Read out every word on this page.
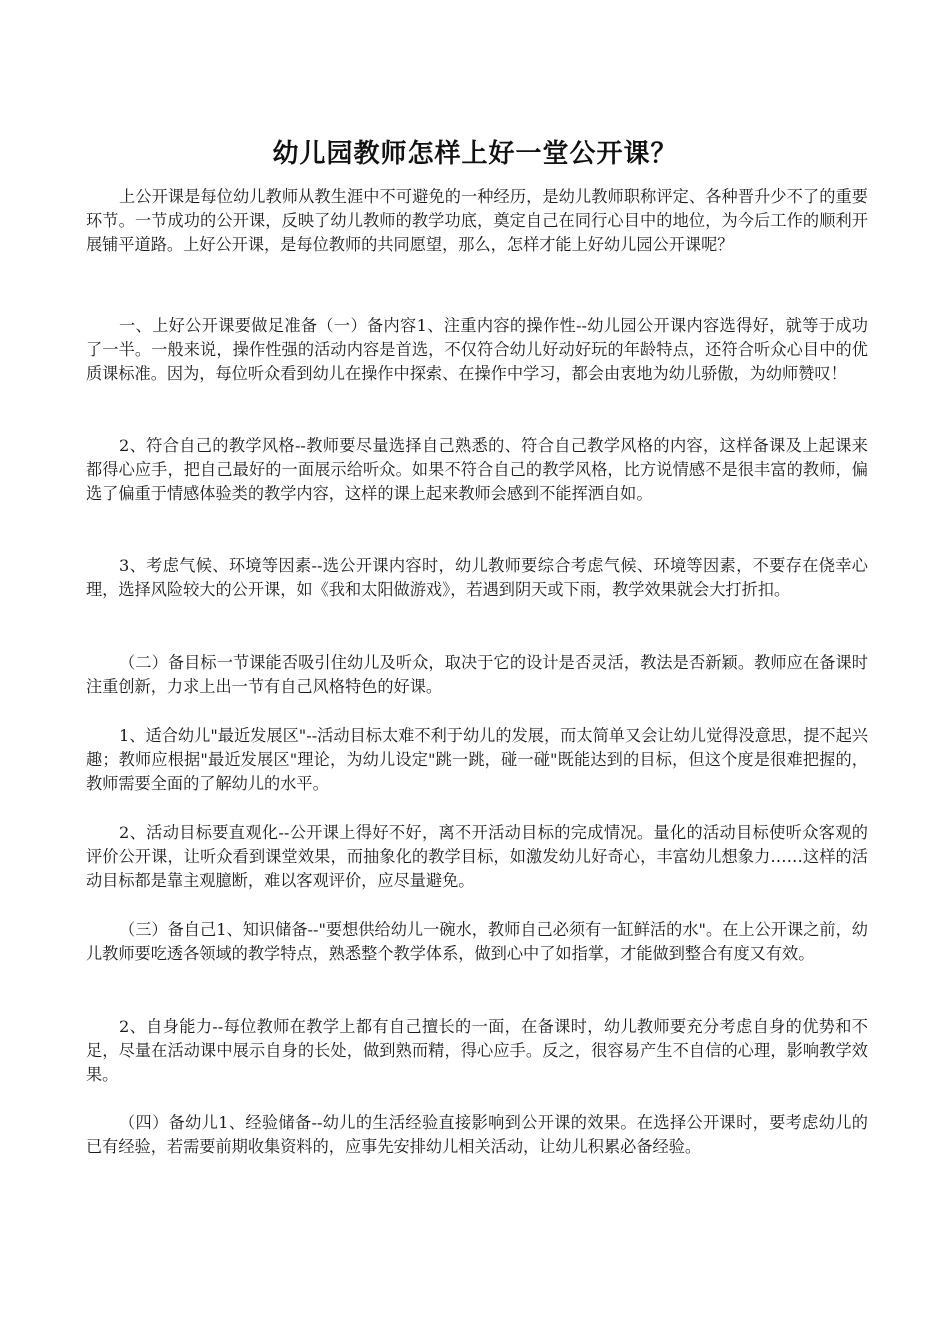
幼儿园教师怎样上好一堂公开课？

上公开课是每位幼儿教师从教生涯中不可避免的一种经历，是幼儿教师职称评定、各种晋升少不了的重要环节。一节成功的公开课，反映了幼儿教师的教学功底，奠定自己在同行心目中的地位，为今后工作的顺利开展铺平道路。上好公开课，是每位教师的共同愿望，那么，怎样才能上好幼儿园公开课呢？

一、上好公开课要做足准备（一）备内容1、注重内容的操作性--幼儿园公开课内容选得好，就等于成功了一半。一般来说，操作性强的活动内容是首选，不仅符合幼儿好动好玩的年龄特点，还符合听众心目中的优质课标准。因为，每位听众看到幼儿在操作中探索、在操作中学习，都会由衷地为幼儿骄傲，为幼师赞叹！

2、符合自己的教学风格--教师要尽量选择自己熟悉的、符合自己教学风格的内容，这样备课及上起课来都得心应手，把自己最好的一面展示给听众。如果不符合自己的教学风格，比方说情感不是很丰富的教师，偏选了偏重于情感体验类的教学内容，这样的课上起来教师会感到不能挥洒自如。

3、考虑气候、环境等因素--选公开课内容时，幼儿教师要综合考虑气候、环境等因素，不要存在侥幸心理，选择风险较大的公开课，如《我和太阳做游戏》，若遇到阴天或下雨，教学效果就会大打折扣。

（二）备目标一节课能否吸引住幼儿及听众，取决于它的设计是否灵活，教法是否新颖。教师应在备课时注重创新，力求上出一节有自己风格特色的好课。

1、适合幼儿"最近发展区"--活动目标太难不利于幼儿的发展，而太简单又会让幼儿觉得没意思，提不起兴趣；教师应根据"最近发展区"理论，为幼儿设定"跳一跳，碰一碰"既能达到的目标，但这个度是很难把握的，教师需要全面的了解幼儿的水平。

2、活动目标要直观化--公开课上得好不好，离不开活动目标的完成情况。量化的活动目标使听众客观的评价公开课，让听众看到课堂效果，而抽象化的教学目标，如激发幼儿好奇心，丰富幼儿想象力……这样的活动目标都是靠主观臆断，难以客观评价，应尽量避免。

（三）备自己1、知识储备--"要想供给幼儿一碗水，教师自己必须有一缸鲜活的水"。在上公开课之前，幼儿教师要吃透各领域的教学特点，熟悉整个教学体系，做到心中了如指掌，才能做到整合有度又有效。

2、自身能力--每位教师在教学上都有自己擅长的一面，在备课时，幼儿教师要充分考虑自身的优势和不足，尽量在活动课中展示自身的长处，做到熟而精，得心应手。反之，很容易产生不自信的心理，影响教学效果。

（四）备幼儿1、经验储备--幼儿的生活经验直接影响到公开课的效果。在选择公开课时，要考虑幼儿的已有经验，若需要前期收集资料的，应事先安排幼儿相关活动，让幼儿积累必备经验。
